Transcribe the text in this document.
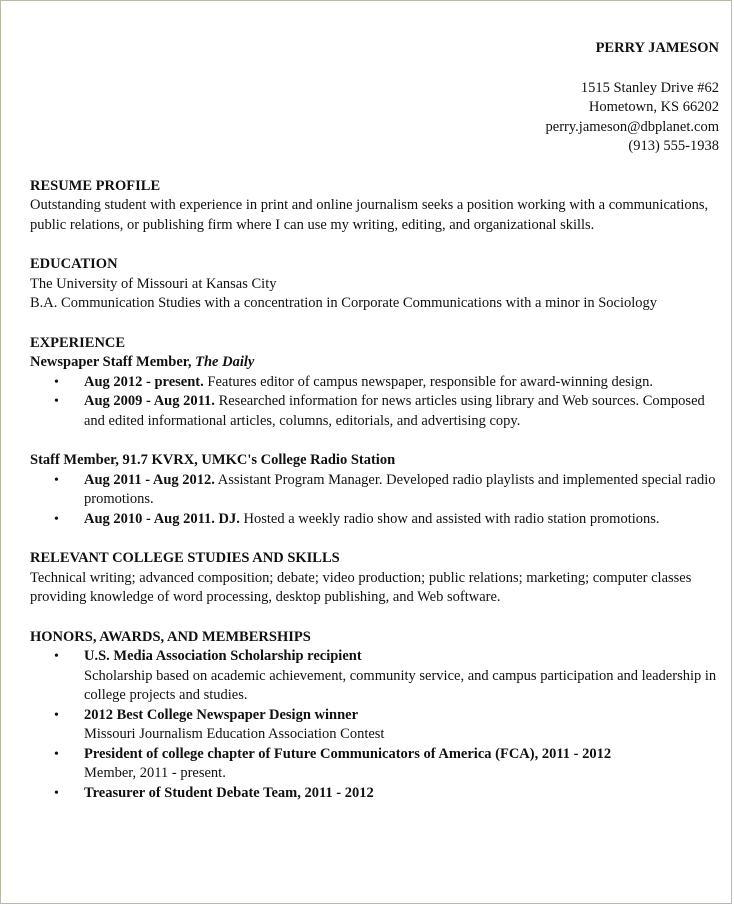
PERRY JAMESON
1515 Stanley Drive #62
Hometown, KS 66202
perry.jameson@dbplanet.com
(913) 555-1938
RESUME PROFILE
Outstanding student with experience in print and online journalism seeks a position working with a communications, public relations, or publishing firm where I can use my writing, editing, and organizational skills.
EDUCATION
The University of Missouri at Kansas City
B.A. Communication Studies with a concentration in Corporate Communications with a minor in Sociology
EXPERIENCE
Newspaper Staff Member, The Daily
• Aug 2012 - present. Features editor of campus newspaper, responsible for award-winning design.
• Aug 2009 - Aug 2011. Researched information for news articles using library and Web sources. Composed and edited informational articles, columns, editorials, and advertising copy.
Staff Member, 91.7 KVRX, UMKC's College Radio Station
• Aug 2011 - Aug 2012. Assistant Program Manager. Developed radio playlists and implemented special radio promotions.
• Aug 2010 - Aug 2011. DJ. Hosted a weekly radio show and assisted with radio station promotions.
RELEVANT COLLEGE STUDIES AND SKILLS
Technical writing; advanced composition; debate; video production; public relations; marketing; computer classes providing knowledge of word processing, desktop publishing, and Web software.
HONORS, AWARDS, AND MEMBERSHIPS
• U.S. Media Association Scholarship recipient
Scholarship based on academic achievement, community service, and campus participation and leadership in college projects and studies.
• 2012 Best College Newspaper Design winner
Missouri Journalism Education Association Contest
• President of college chapter of Future Communicators of America (FCA), 2011 - 2012
Member, 2011 - present.
• Treasurer of Student Debate Team, 2011 - 2012
